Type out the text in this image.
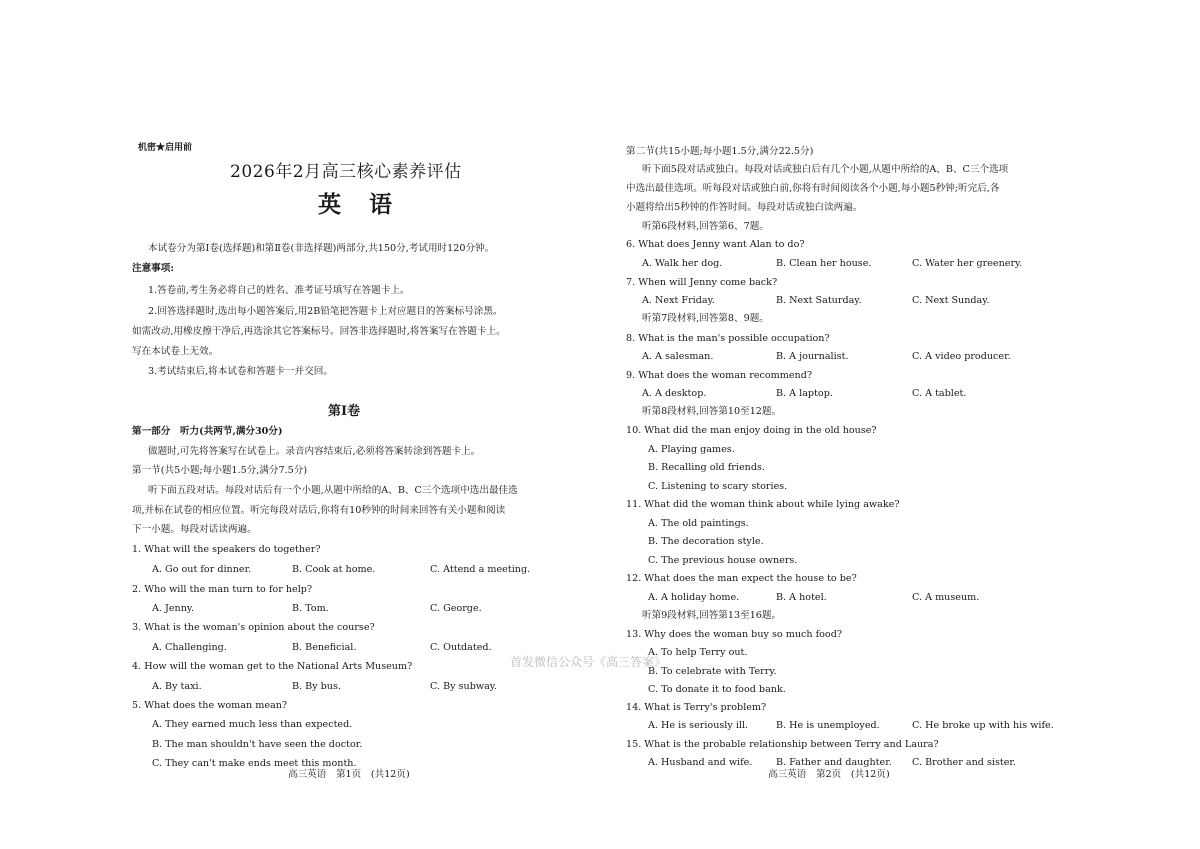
机密★启用前
2026年2月高三核心素养评估
英 语
本试卷分为第Ⅰ卷(选择题)和第Ⅱ卷(非选择题)两部分,共150分,考试用时120分钟。
注意事项:
1.答卷前,考生务必将自己的姓名、准考证号填写在答题卡上。
2.回答选择题时,选出每小题答案后,用2B铅笔把答题卡上对应题目的答案标号涂黑。
如需改动,用橡皮擦干净后,再选涂其它答案标号。回答非选择题时,将答案写在答题卡上。
写在本试卷上无效。
3.考试结束后,将本试卷和答题卡一并交回。
第Ⅰ卷
第一部分　听力(共两节,满分30分)
做题时,可先将答案写在试卷上。录音内容结束后,必须将答案转涂到答题卡上。
第一节(共5小题;每小题1.5分,满分7.5分)
听下面五段对话。每段对话后有一个小题,从题中所给的A、B、C三个选项中选出最佳选
项,并标在试卷的相应位置。听完每段对话后,你将有10秒钟的时间来回答有关小题和阅读
下一小题。每段对话读两遍。
1. What will the speakers do together?
A. Go out for dinner.	B. Cook at home.	C. Attend a meeting.
2. Who will the man turn to for help?
A. Jenny.	B. Tom.	C. George.
3. What is the woman's opinion about the course?
A. Challenging.	B. Beneficial.	C. Outdated.
4. How will the woman get to the National Arts Museum?
A. By taxi.	B. By bus.	C. By subway.
5. What does the woman mean?
A. They earned much less than expected.
B. The man shouldn't have seen the doctor.
C. They can't make ends meet this month.
高三英语　第1页　(共12页)
第二节(共15小题;每小题1.5分,满分22.5分)
听下面5段对话或独白。每段对话或独白后有几个小题,从题中所给的A、B、C三个选项
中选出最佳选项。听每段对话或独白前,你将有时间阅读各个小题,每小题5秒钟;听完后,各
小题将给出5秒钟的作答时间。每段对话或独白读两遍。
听第6段材料,回答第6、7题。
6. What does Jenny want Alan to do?
A. Walk her dog.	B. Clean her house.	C. Water her greenery.
7. When will Jenny come back?
A. Next Friday.	B. Next Saturday.	C. Next Sunday.
听第7段材料,回答第8、9题。
8. What is the man's possible occupation?
A. A salesman.	B. A journalist.	C. A video producer.
9. What does the woman recommend?
A. A desktop.	B. A laptop.	C. A tablet.
听第8段材料,回答第10至12题。
10. What did the man enjoy doing in the old house?
A. Playing games.
B. Recalling old friends.
C. Listening to scary stories.
11. What did the woman think about while lying awake?
A. The old paintings.
B. The decoration style.
C. The previous house owners.
12. What does the man expect the house to be?
A. A holiday home.	B. A hotel.	C. A museum.
听第9段材料,回答第13至16题。
13. Why does the woman buy so much food?
A. To help Terry out.
B. To celebrate with Terry.
C. To donate it to food bank.
14. What is Terry's problem?
A. He is seriously ill.	B. He is unemployed.	C. He broke up with his wife.
15. What is the probable relationship between Terry and Laura?
A. Husband and wife. B. Father and daughter. C. Brother and sister.
高三英语　第2页　(共12页)
首发微信公众号《高三答案》
